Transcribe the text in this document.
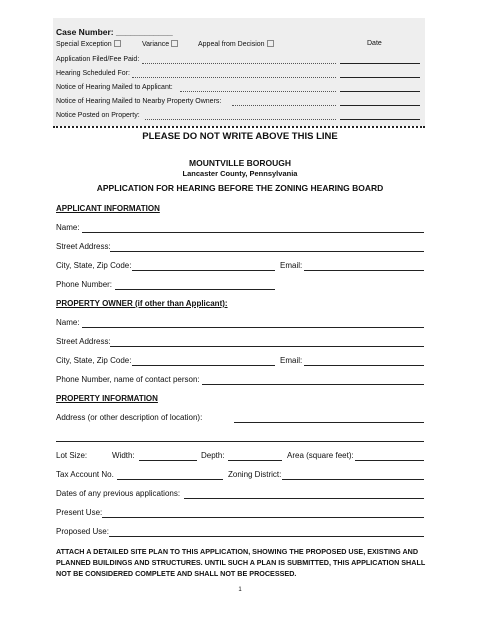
Case Number: ____________
Special Exception	Variance	Appeal from Decision	Date
Application Filed/Fee Paid:
Hearing Scheduled For:
Notice of Hearing Mailed to Applicant:
Notice of Hearing Mailed to Nearby Property Owners:
Notice Posted on Property:
PLEASE DO NOT WRITE ABOVE THIS LINE
MOUNTVILLE BOROUGH
Lancaster County, Pennsylvania
APPLICATION FOR HEARING BEFORE THE ZONING HEARING BOARD
APPLICANT INFORMATION
Name:
Street Address:
City, State, Zip Code:	Email:
Phone Number:
PROPERTY OWNER (if other than Applicant):
Name:
Street Address:
City, State, Zip Code:	Email:
Phone Number, name of contact person:
PROPERTY INFORMATION
Address (or other description of location):
Lot Size:	Width:	Depth:	Area (square feet):
Tax Account No.	Zoning District:
Dates of any previous applications:
Present Use:
Proposed Use:
ATTACH A DETAILED SITE PLAN TO THIS APPLICATION, SHOWING THE PROPOSED USE, EXISTING AND
PLANNED BUILDINGS AND STRUCTURES. UNTIL SUCH A PLAN IS SUBMITTED, THIS APPLICATION SHALL
NOT BE CONSIDERED COMPLETE AND SHALL NOT BE PROCESSED.
1
